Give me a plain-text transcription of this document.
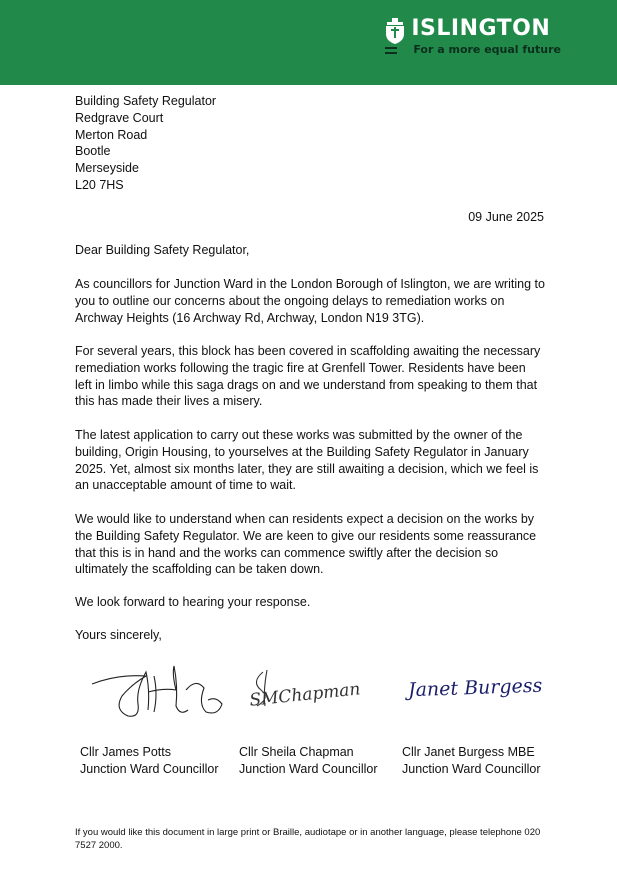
ISLINGTON
For a more equal future
Building Safety Regulator
Redgrave Court
Merton Road
Bootle
Merseyside
L20 7HS
09 June 2025
Dear Building Safety Regulator,
As councillors for Junction Ward in the London Borough of Islington, we are writing to you to outline our concerns about the ongoing delays to remediation works on Archway Heights (16 Archway Rd, Archway, London N19 3TG).
For several years, this block has been covered in scaffolding awaiting the necessary remediation works following the tragic fire at Grenfell Tower. Residents have been left in limbo while this saga drags on and we understand from speaking to them that this has made their lives a misery.
The latest application to carry out these works was submitted by the owner of the building, Origin Housing, to yourselves at the Building Safety Regulator in January 2025. Yet, almost six months later, they are still awaiting a decision, which we feel is an unacceptable amount of time to wait.
We would like to understand when can residents expect a decision on the works by the Building Safety Regulator. We are keen to give our residents some reassurance that this is in hand and the works can commence swiftly after the decision so ultimately the scaffolding can be taken down.
We look forward to hearing your response.
Yours sincerely,
SMChapman Janet Burgess
Cllr James Potts
Junction Ward Councillor
Cllr Sheila Chapman
Junction Ward Councillor
Cllr Janet Burgess MBE
Junction Ward Councillor
If you would like this document in large print or Braille, audiotape or in another language, please telephone 020 7527 2000.
